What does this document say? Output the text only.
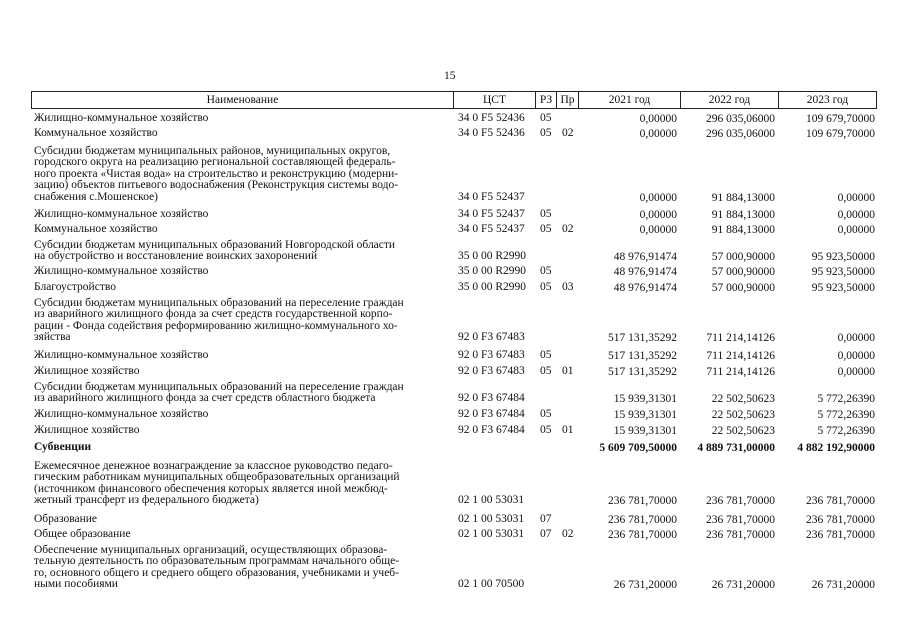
15
Наименование	ЦСТ	РЗ Пр	2021 год	2022 год	2023 год
Жилищно-коммунальное хозяйство	34 0 F5 52436 05	0,00000	296 035,06000	109 679,70000
Коммунальное хозяйство	34 0 F5 52436 05 02	0,00000	296 035,06000	109 679,70000
Субсидии бюджетам муниципальных районов, муниципальных округов,
городского округа на реализацию региональной составляющей федераль-
ного проекта «Чистая вода» на строительство и реконструкцию (модерни-
зацию) объектов питьевого водоснабжения (Реконструкция системы водо-
снабжения с.Мошенское)	34 0 F5 52437	0,00000	91 884,13000	0,00000
Жилищно-коммунальное хозяйство	34 0 F5 52437 05	0,00000	91 884,13000	0,00000
Коммунальное хозяйство	34 0 F5 52437 05 02	0,00000	91 884,13000	0,00000
Субсидии бюджетам муниципальных образований Новгородской области
на обустройство и восстановление воинских захоронений	35 0 00 R2990	48 976,91474	57 000,90000	95 923,50000
Жилищно-коммунальное хозяйство	35 0 00 R2990 05	48 976,91474	57 000,90000	95 923,50000
Благоустройство	35 0 00 R2990 05 03	48 976,91474	57 000,90000	95 923,50000
Субсидии бюджетам муниципальных образований на переселение граждан
из аварийного жилищного фонда за счет средств государственной корпо-
рации - Фонда содействия реформированию жилищно-коммунального хо-
зяйства	92 0 F3 67483	517 131,35292	711 214,14126	0,00000
Жилищно-коммунальное хозяйство	92 0 F3 67483 05	517 131,35292	711 214,14126	0,00000
Жилищное хозяйство	92 0 F3 67483 05 01	517 131,35292	711 214,14126	0,00000
Субсидии бюджетам муниципальных образований на переселение граждан
из аварийного жилищного фонда за счет средств областного бюджета	92 0 F3 67484	15 939,31301	22 502,50623	5 772,26390
Жилищно-коммунальное хозяйство	92 0 F3 67484 05	15 939,31301	22 502,50623	5 772,26390
Жилищное хозяйство	92 0 F3 67484 05 01	15 939,31301	22 502,50623	5 772,26390
Субвенции	5 609 709,50000 4 889 731,00000 4 882 192,90000
Ежемесячное денежное вознаграждение за классное руководство педаго-
гическим работникам муниципальных общеобразовательных организаций
(источником финансового обеспечения которых является иной межбюд-
жетный трансферт из федерального бюджета)	02 1 00 53031	236 781,70000	236 781,70000	236 781,70000
Образование	02 1 00 53031 07	236 781,70000	236 781,70000	236 781,70000
Общее образование	02 1 00 53031 07 02	236 781,70000	236 781,70000	236 781,70000
Обеспечение муниципальных организаций, осуществляющих образова-
тельную деятельность по образовательным программам начального обще-
го, основного общего и среднего общего образования, учебниками и учеб-
ными пособиями	02 1 00 70500	26 731,20000	26 731,20000	26 731,20000
